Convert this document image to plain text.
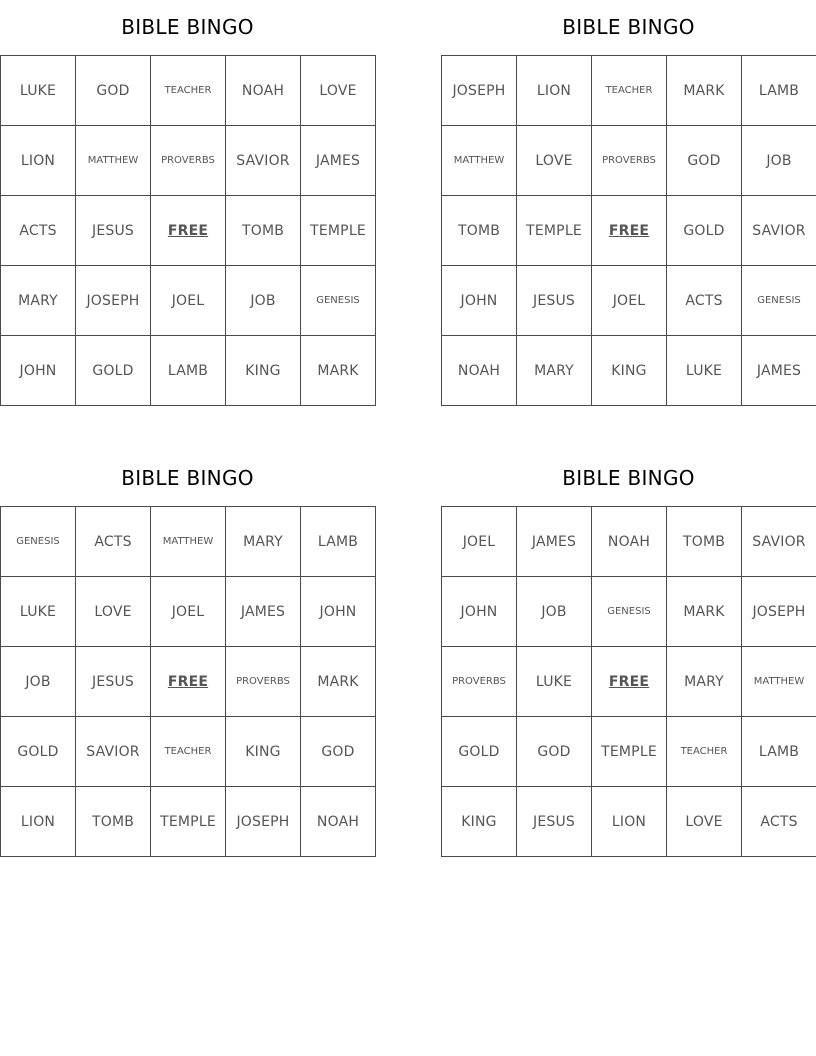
BIBLE BINGO
LUKE	GOD	TEACHER	NOAH	LOVE
LION	MATTHEW	PROVERBS	SAVIOR	JAMES
ACTS	JESUS	FREE	TOMB	TEMPLE
MARY	JOSEPH	JOEL	JOB	GENESIS
JOHN	GOLD	LAMB	KING	MARK
BIBLE BINGO
JOSEPH	LION	TEACHER	MARK	LAMB
MATTHEW	LOVE	PROVERBS	GOD	JOB
TOMB	TEMPLE	FREE	GOLD	SAVIOR
JOHN	JESUS	JOEL	ACTS	GENESIS
NOAH	MARY	KING	LUKE	JAMES
BIBLE BINGO
GENESIS	ACTS	MATTHEW	MARY	LAMB
LUKE	LOVE	JOEL	JAMES	JOHN
JOB	JESUS	FREE	PROVERBS	MARK
GOLD	SAVIOR	TEACHER	KING	GOD
LION	TOMB	TEMPLE	JOSEPH	NOAH
BIBLE BINGO
JOEL	JAMES	NOAH	TOMB	SAVIOR
JOHN	JOB	GENESIS	MARK	JOSEPH
PROVERBS	LUKE	FREE	MARY	MATTHEW
GOLD	GOD	TEMPLE	TEACHER	LAMB
KING	JESUS	LION	LOVE	ACTS
